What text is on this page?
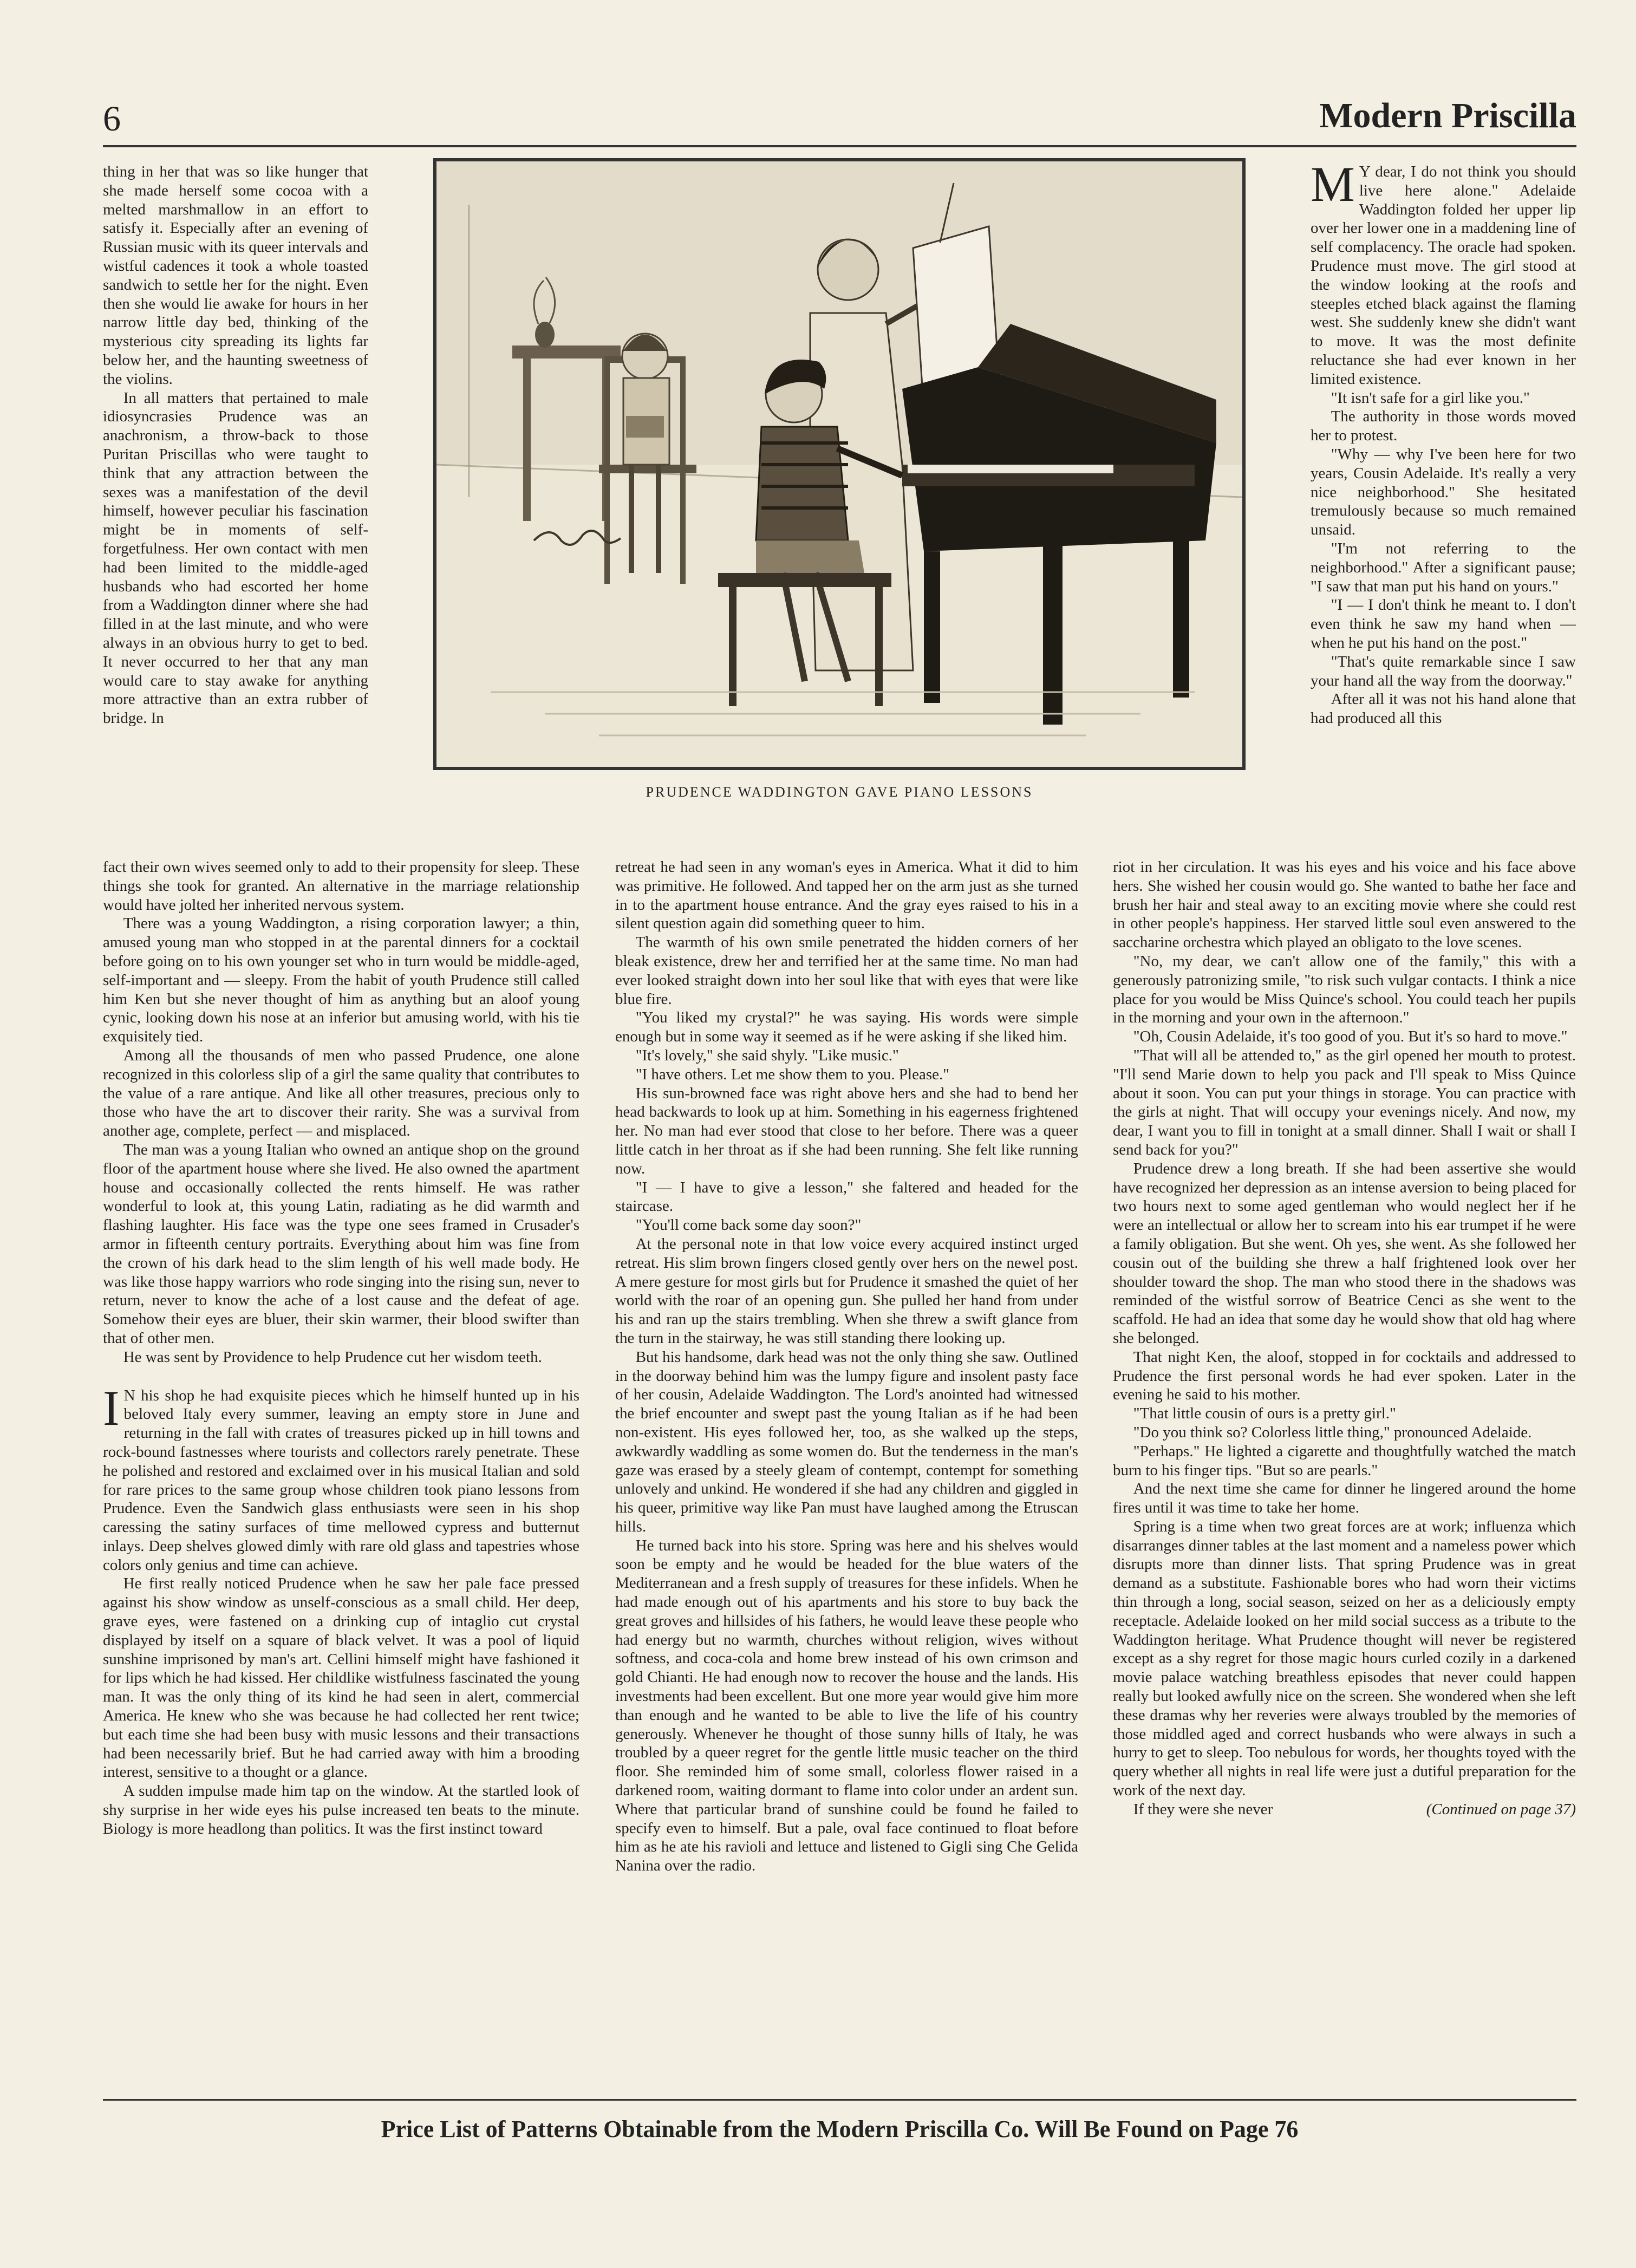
6	Modern Priscilla

thing in her that was so like hunger that she made herself some cocoa with a melted marshmallow in an effort to satisfy it. Especially after an evening of Russian music with its queer intervals and wistful cadences it took a whole toasted sandwich to settle her for the night. Even then she would lie awake for hours in her narrow little day bed, thinking of the mysterious city spreading its lights far below her, and the haunting sweetness of the violins.

In all matters that pertained to male idiosyncrasies Prudence was an anachronism, a throw-back to those Puritan Priscillas who were taught to think that any attraction between the sexes was a manifestation of the devil himself, however peculiar his fascination might be in moments of self-forgetfulness. Her own contact with men had been limited to the middle-aged husbands who had escorted her home from a Waddington dinner where she had filled in at the last minute, and who were always in an obvious hurry to get to bed. It never occurred to her that any man would care to stay awake for anything more attractive than an extra rubber of bridge. In

fact their own wives seemed only to add to their propensity for sleep. These things she took for granted. An alternative in the marriage relationship would have jolted her inherited nervous system.

There was a young Waddington, a rising corporation lawyer; a thin, amused young man who stopped in at the parental dinners for a cocktail before going on to his own younger set who in turn would be middle-aged, self-important and — sleepy. From the habit of youth Prudence still called him Ken but she never thought of him as anything but an aloof young cynic, looking down his nose at an inferior but amusing world, with his tie exquisitely tied.

Among all the thousands of men who passed Prudence, one alone recognized in this colorless slip of a girl the same quality that contributes to the value of a rare antique. And like all other treasures, precious only to those who have the art to discover their rarity. She was a survival from another age, complete, perfect — and misplaced.

The man was a young Italian who owned an antique shop on the ground floor of the apartment house where she lived. He also owned the apartment house and occasionally collected the rents himself. He was rather wonderful to look at, this young Latin, radiating as he did warmth and flashing laughter. His face was the type one sees framed in Crusader's armor in fifteenth century portraits. Everything about him was fine from the crown of his dark head to the slim length of his well made body. He was like those happy warriors who rode singing into the rising sun, never to return, never to know the ache of a lost cause and the defeat of age. Somehow their eyes are bluer, their skin warmer, their blood swifter than that of other men.

He was sent by Providence to help Prudence cut her wisdom teeth.

I N his shop he had exquisite pieces which he himself hunted up in his beloved Italy every summer, leaving an empty store in June and returning in the fall with crates of treasures picked up in hill towns and rock-bound fastnesses where tourists and collectors rarely penetrate. These he polished and restored and exclaimed over in his musical Italian and sold for rare prices to the same group whose children took piano lessons from Prudence. Even the Sandwich glass enthusiasts were seen in his shop caressing the satiny surfaces of time mellowed cypress and butternut inlays. Deep shelves glowed dimly with rare old glass and tapestries whose colors only genius and time can achieve.

He first really noticed Prudence when he saw her pale face pressed against his show window as unself-conscious as a small child. Her deep, grave eyes, were fastened on a drinking cup of intaglio cut crystal displayed by itself on a square of black velvet. It was a pool of liquid sunshine imprisoned by man's art. Cellini himself might have fashioned it for lips which he had kissed. Her childlike wistfulness fascinated the young man. It was the only thing of its kind he had seen in alert, commercial America. He knew who she was because he had collected her rent twice; but each time she had been busy with music lessons and their transactions had been necessarily brief. But he had carried away with him a brooding interest, sensitive to a thought or a glance.

A sudden impulse made him tap on the window. At the startled look of shy surprise in her wide eyes his pulse increased ten beats to the minute. Biology is more headlong than politics. It was the first instinct toward

PRUDENCE WADDINGTON GAVE PIANO LESSONS

retreat he had seen in any woman's eyes in America. What it did to him was primitive. He followed. And tapped her on the arm just as she turned in to the apartment house entrance. And the gray eyes raised to his in a silent question again did something queer to him.

The warmth of his own smile penetrated the hidden corners of her bleak existence, drew her and terrified her at the same time. No man had ever looked straight down into her soul like that with eyes that were like blue fire.

"You liked my crystal?" he was saying. His words were simple enough but in some way it seemed as if he were asking if she liked him.

"It's lovely," she said shyly. "Like music."

"I have others. Let me show them to you. Please."

His sun-browned face was right above hers and she had to bend her head backwards to look up at him. Something in his eagerness frightened her. No man had ever stood that close to her before. There was a queer little catch in her throat as if she had been running. She felt like running now.

"I — I have to give a lesson," she faltered and headed for the staircase.

"You'll come back some day soon?"

At the personal note in that low voice every acquired instinct urged retreat. His slim brown fingers closed gently over hers on the newel post. A mere gesture for most girls but for Prudence it smashed the quiet of her world with the roar of an opening gun. She pulled her hand from under his and ran up the stairs trembling. When she threw a swift glance from the turn in the stairway, he was still standing there looking up.

But his handsome, dark head was not the only thing she saw. Outlined in the doorway behind him was the lumpy figure and insolent pasty face of her cousin, Adelaide Waddington. The Lord's anointed had witnessed the brief encounter and swept past the young Italian as if he had been non-existent. His eyes followed her, too, as she walked up the steps, awkwardly waddling as some women do. But the tenderness in the man's gaze was erased by a steely gleam of contempt, contempt for something unlovely and unkind. He wondered if she had any children and giggled in his queer, primitive way like Pan must have laughed among the Etruscan hills.

He turned back into his store. Spring was here and his shelves would soon be empty and he would be headed for the blue waters of the Mediterranean and a fresh supply of treasures for these infidels. When he had made enough out of his apartments and his store to buy back the great groves and hillsides of his fathers, he would leave these people who had energy but no warmth, churches without religion, wives without softness, and coca-cola and home brew instead of his own crimson and gold Chianti. He had enough now to recover the house and the lands. His investments had been excellent. But one more year would give him more than enough and he wanted to be able to live the life of his country generously. Whenever he thought of those sunny hills of Italy, he was troubled by a queer regret for the gentle little music teacher on the third floor. She reminded him of some small, colorless flower raised in a darkened room, waiting dormant to flame into color under an ardent sun. Where that particular brand of sunshine could be found he failed to specify even to himself. But a pale, oval face continued to float before him as he ate his ravioli and lettuce and listened to Gigli sing Che Gelida Nanina over the radio.

M Y dear, I do not think you should live here alone." Adelaide Waddington folded her upper lip over her lower one in a maddening line of self complacency. The oracle had spoken. Prudence must move. The girl stood at the window looking at the roofs and steeples etched black against the flaming west. She suddenly knew she didn't want to move. It was the most definite reluctance she had ever known in her limited existence.

"It isn't safe for a girl like you."

The authority in those words moved her to protest.

"Why — why I've been here for two years, Cousin Adelaide. It's really a very nice neighborhood." She hesitated tremulously because so much remained unsaid.

"I'm not referring to the neighborhood." After a significant pause; "I saw that man put his hand on yours."

"I — I don't think he meant to. I don't even think he saw my hand when — when he put his hand on the post."

"That's quite remarkable since I saw your hand all the way from the doorway."

After all it was not his hand alone that had produced all this

riot in her circulation. It was his eyes and his voice and his face above hers. She wished her cousin would go. She wanted to bathe her face and brush her hair and steal away to an exciting movie where she could rest in other people's happiness. Her starved little soul even answered to the saccharine orchestra which played an obligato to the love scenes.

"No, my dear, we can't allow one of the family," this with a generously patronizing smile, "to risk such vulgar contacts. I think a nice place for you would be Miss Quince's school. You could teach her pupils in the morning and your own in the afternoon."

"Oh, Cousin Adelaide, it's too good of you. But it's so hard to move."

"That will all be attended to," as the girl opened her mouth to protest. "I'll send Marie down to help you pack and I'll speak to Miss Quince about it soon. You can put your things in storage. You can practice with the girls at night. That will occupy your evenings nicely. And now, my dear, I want you to fill in tonight at a small dinner. Shall I wait or shall I send back for you?"

Prudence drew a long breath. If she had been assertive she would have recognized her depression as an intense aversion to being placed for two hours next to some aged gentleman who would neglect her if he were an intellectual or allow her to scream into his ear trumpet if he were a family obligation. But she went. Oh yes, she went. As she followed her cousin out of the building she threw a half frightened look over her shoulder toward the shop. The man who stood there in the shadows was reminded of the wistful sorrow of Beatrice Cenci as she went to the scaffold. He had an idea that some day he would show that old hag where she belonged.

That night Ken, the aloof, stopped in for cocktails and addressed to Prudence the first personal words he had ever spoken. Later in the evening he said to his mother.

"That little cousin of ours is a pretty girl."

"Do you think so? Colorless little thing," pronounced Adelaide.

"Perhaps." He lighted a cigarette and thoughtfully watched the match burn to his finger tips. "But so are pearls."

And the next time she came for dinner he lingered around the home fires until it was time to take her home.

Spring is a time when two great forces are at work; influenza which disarranges dinner tables at the last moment and a nameless power which disrupts more than dinner lists. That spring Prudence was in great demand as a substitute. Fashionable bores who had worn their victims thin through a long, social season, seized on her as a deliciously empty receptacle. Adelaide looked on her mild social success as a tribute to the Waddington heritage. What Prudence thought will never be registered except as a shy regret for those magic hours curled cozily in a darkened movie palace watching breathless episodes that never could happen really but looked awfully nice on the screen. She wondered when she left these dramas why her reveries were always troubled by the memories of those middled aged and correct husbands who were always in such a hurry to get to sleep. Too nebulous for words, her thoughts toyed with the query whether all nights in real life were just a dutiful preparation for the work of the next day.

If they were she never	(Continued on page 37)

Price List of Patterns Obtainable from the Modern Priscilla Co. Will Be Found on Page 76
